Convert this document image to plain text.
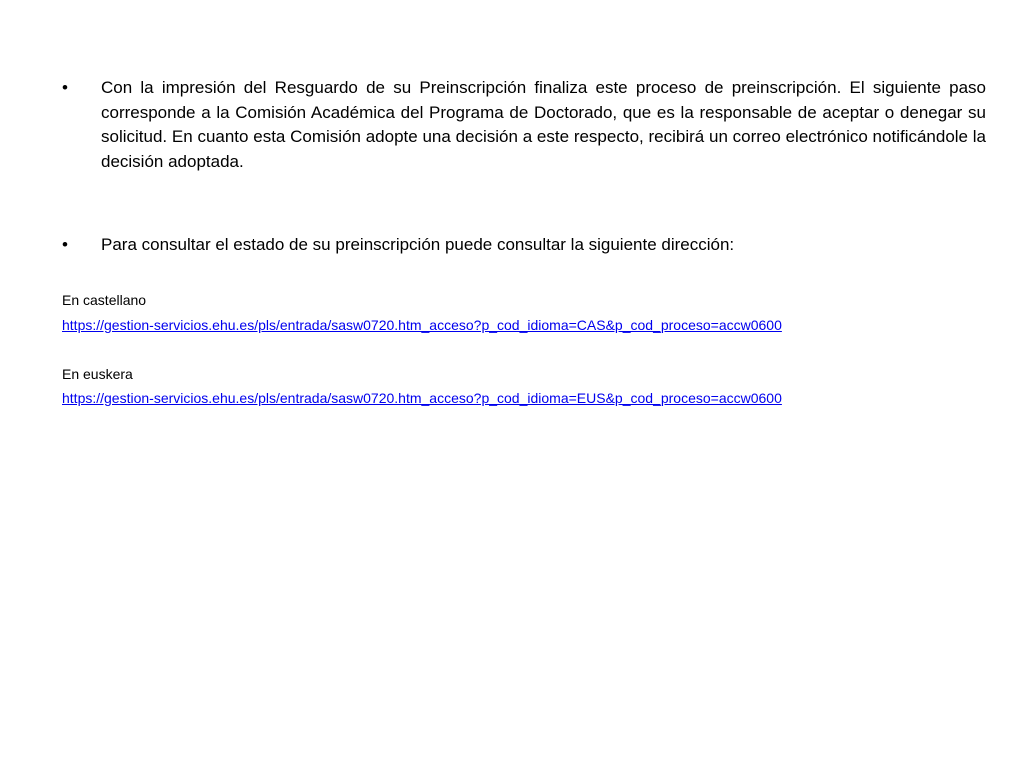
•	Con la impresión del Resguardo de su Preinscripción finaliza este proceso de preinscripción. El siguiente paso corresponde a la Comisión Académica del Programa de Doctorado, que es la responsable de aceptar o denegar su solicitud. En cuanto esta Comisión adopte una decisión a este respecto, recibirá un correo electrónico notificándole la decisión adoptada.
•	Para consultar el estado de su preinscripción puede consultar la siguiente dirección:
En castellano
https://gestion-servicios.ehu.es/pls/entrada/sasw0720.htm_acceso?p_cod_idioma=CAS&p_cod_proceso=accw0600
En euskera
https://gestion-servicios.ehu.es/pls/entrada/sasw0720.htm_acceso?p_cod_idioma=EUS&p_cod_proceso=accw0600
